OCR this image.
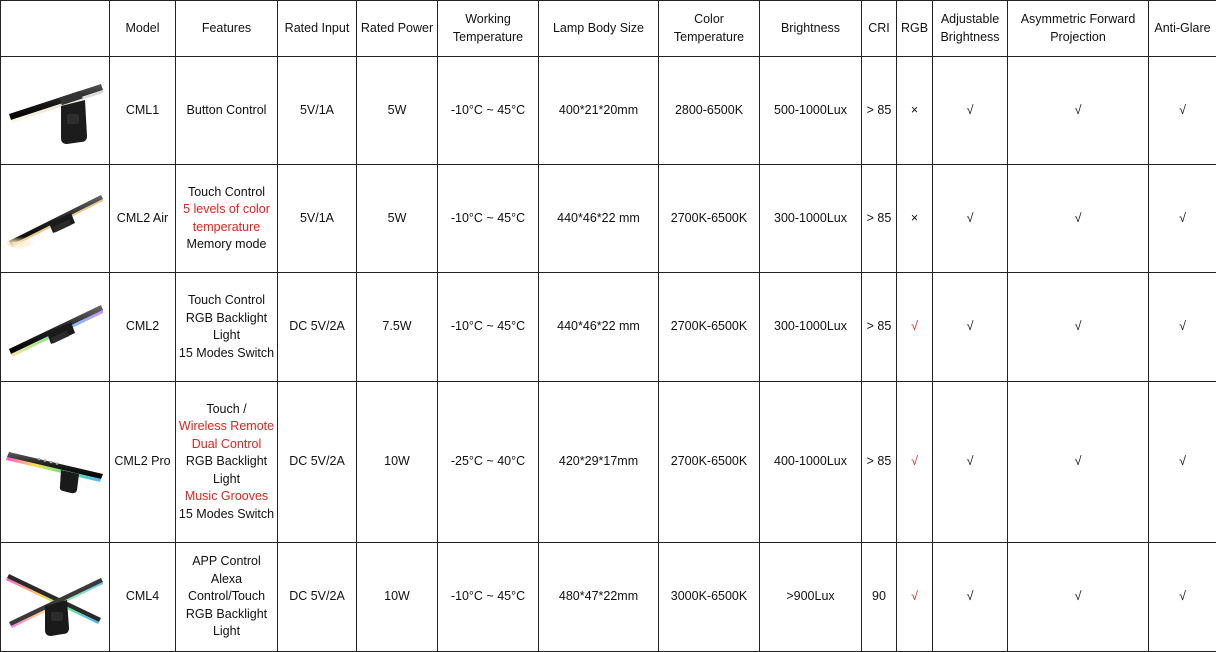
	Model	Features	Rated Input	Rated Power	Working Temperature	Lamp Body Size	Color Temperature	Brightness	CRI	RGB	Adjustable Brightness	Asymmetric Forward Projection	Anti-Glare

	CML1	Button Control	5V/1A	5W	-10°C ~ 45°C	400*21*20mm	2800-6500K	500-1000Lux	> 85	×	√	√	√

	CML2 Air	Touch Control
5 levels of color temperature
Memory mode	5V/1A	5W	-10°C ~ 45°C	440*46*22 mm	2700K-6500K	300-1000Lux	> 85	×	√	√	√

	CML2	Touch Control
RGB Backlight Light
15 Modes Switch	DC 5V/2A	7.5W	-10°C ~ 45°C	440*46*22 mm	2700K-6500K	300-1000Lux	> 85	√	√	√	√

	CML2 Pro	Touch /
Wireless Remote Dual Control
RGB Backlight Light
Music Grooves
15 Modes Switch	DC 5V/2A	10W	-25°C ~ 40°C	420*29*17mm	2700K-6500K	400-1000Lux	> 85	√	√	√	√

	CML4	APP Control
Alexa Control/Touch
RGB Backlight Light	DC 5V/2A	10W	-10°C ~ 45°C	480*47*22mm	3000K-6500K	>900Lux	90	√	√	√	√
